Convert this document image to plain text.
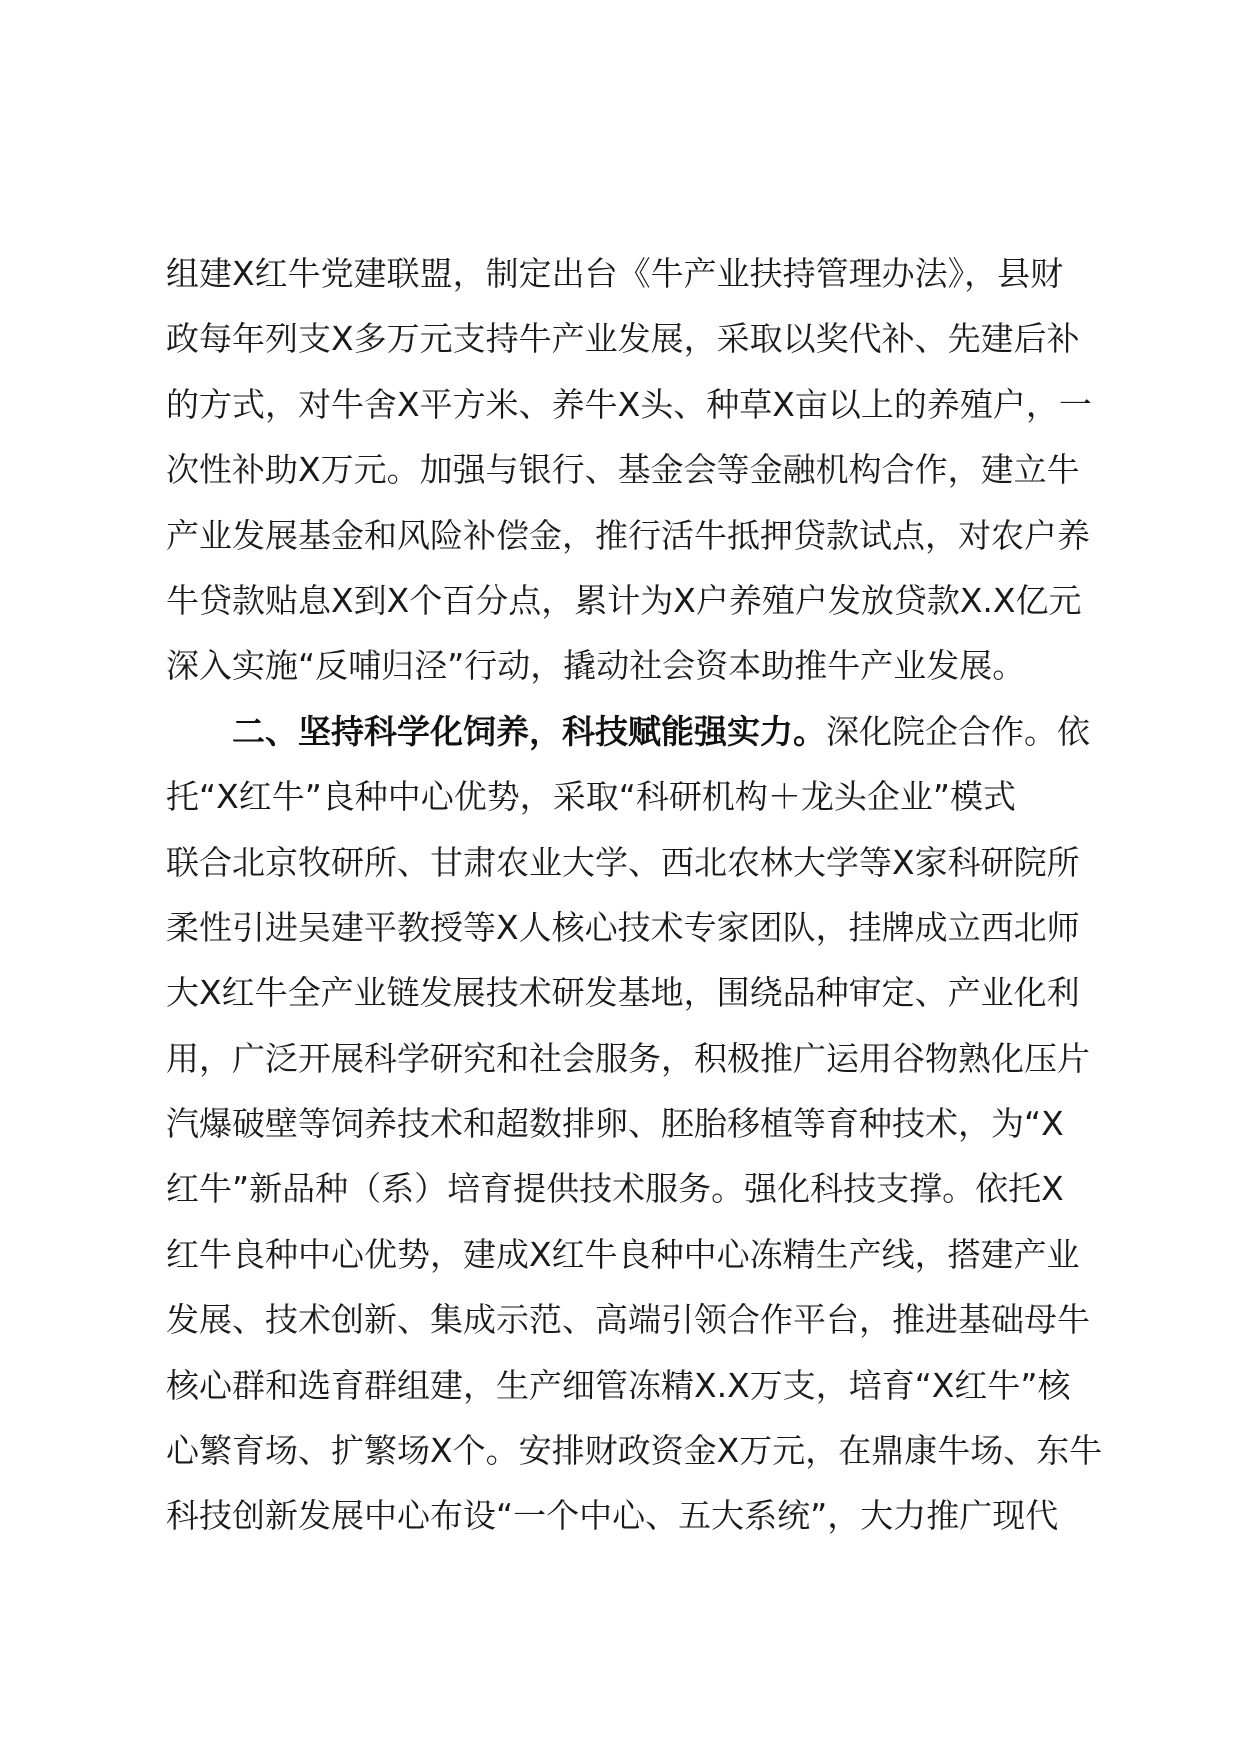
组建X红牛党建联盟，制定出台《牛产业扶持管理办法》，县财
政每年列支X多万元支持牛产业发展，采取以奖代补、先建后补
的方式，对牛舍X平方米、养牛X头、种草X亩以上的养殖户，一
次性补助X万元。加强与银行、基金会等金融机构合作，建立牛
产业发展基金和风险补偿金，推行活牛抵押贷款试点，对农户养
牛贷款贴息X到X个百分点，累计为X户养殖户发放贷款X.X亿元
深入实施“反哺归泾”行动，撬动社会资本助推牛产业发展。
二、坚持科学化饲养，科技赋能强实力。深化院企合作。依
托“X红牛”良种中心优势，采取“科研机构＋龙头企业”模式
联合北京牧研所、甘肃农业大学、西北农林大学等X家科研院所
柔性引进吴建平教授等X人核心技术专家团队，挂牌成立西北师
大X红牛全产业链发展技术研发基地，围绕品种审定、产业化利
用，广泛开展科学研究和社会服务，积极推广运用谷物熟化压片
汽爆破壁等饲养技术和超数排卵、胚胎移植等育种技术，为“X
红牛”新品种（系）培育提供技术服务。强化科技支撑。依托X
红牛良种中心优势，建成X红牛良种中心冻精生产线，搭建产业
发展、技术创新、集成示范、高端引领合作平台，推进基础母牛
核心群和选育群组建，生产细管冻精X.X万支，培育“X红牛”核
心繁育场、扩繁场X个。安排财政资金X万元，在鼎康牛场、东牛
科技创新发展中心布设“一个中心、五大系统”，大力推广现代
